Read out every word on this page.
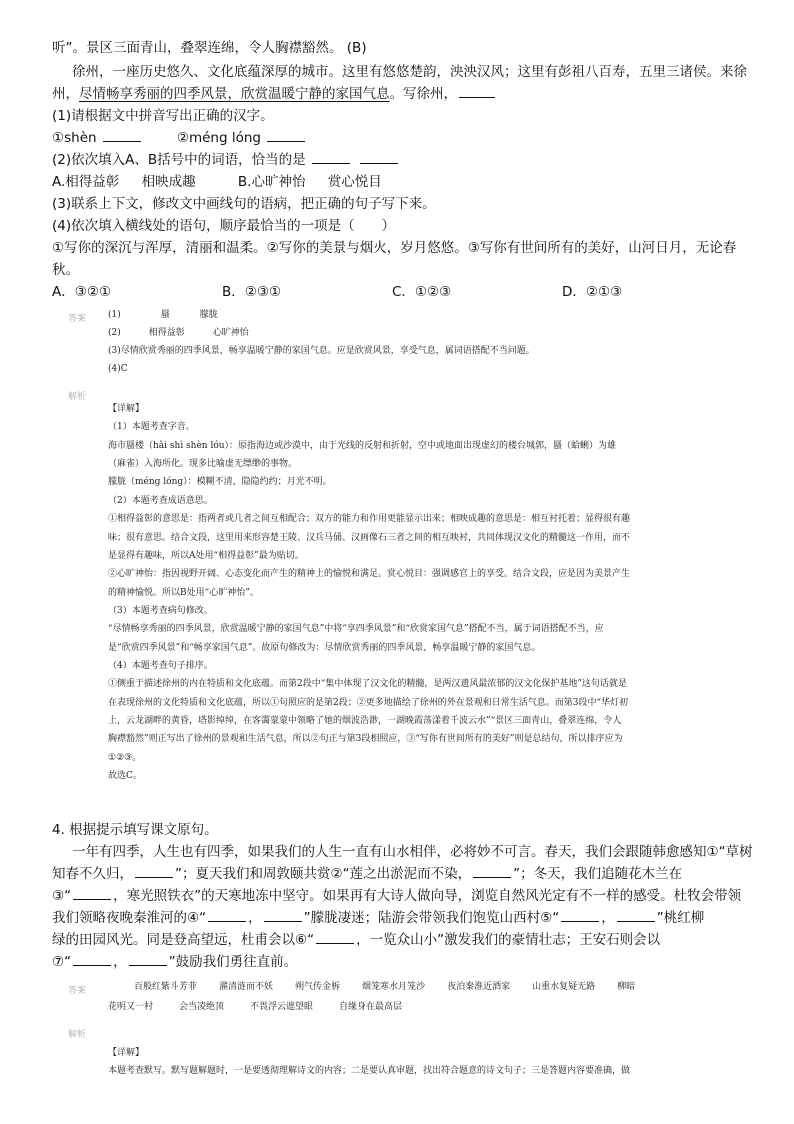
听”。景区三面青山，叠翠连绵，令人胸襟豁然。 (B)
徐州，一座历史悠久、文化底蕴深厚的城市。这里有悠悠楚韵，泱泱汉风；这里有彭祖八百寿，五里三诸侯。来徐
州，尽情畅享秀丽的四季风景，欣赏温暖宁静的家国气息。写徐州，
(1)请根据文中拼音写出正确的汉字。
①shèn	②méng lóng
(2)依次填入A、B括号中的词语，恰当的是
A.相得益彰 相映成趣	B.心旷神怡 赏心悦目
(3)联系上下文，修改文中画线句的语病，把正确的句子写下来。
(4)依次填入横线处的语句，顺序最恰当的一项是（　　）
①写你的深沉与浑厚，清丽和温柔。②写你的美景与烟火，岁月悠悠。③写你有世间所有的美好，山河日月，无论春
秋。
A．③②①	B．②③①	C．①②③	D．②①③
答案 (1)	蜃	朦胧
(2)	相得益彰	心旷神怡
(3)尽情欣赏秀丽的四季风景，畅享温暖宁静的家国气息。应是欣赏风景，享受气息，属词语搭配不当问题。
(4)C
解析
【详解】
（1）本题考查字音。
海市蜃楼（hǎi shì shèn lóu）：原指海边或沙漠中，由于光线的反射和折射，空中或地面出现虚幻的楼台城郭，蜃（蛤蜊）为雄
（麻雀）入海所化。现多比喻虚无缥缈的事物。
朦胧（méng lóng）：模糊不清，隐隐约约；月光不明。
（2）本题考查成语意思。
①相得益彰的意思是：指两者或几者之间互相配合；双方的能力和作用更能显示出来；相映成趣的意思是：相互衬托着；显得很有趣
味；很有意思。结合文段，这里用来形容楚王陵、汉兵马俑、汉画像石三者之间的相互映衬，共同体现汉文化的精髓这一作用，而不
是显得有趣味，所以A处用“相得益彰”最为贴切。
②心旷神怡：指因视野开阔、心态变化而产生的精神上的愉悦和满足。赏心悦目：强调感官上的享受。结合文段，应是因为美景产生
的精神愉悦。所以B处用“心旷神怡”。
（3）本题考查病句修改。
“尽情畅享秀丽的四季风景，欣赏温暖宁静的家国气息”中将“享四季风景”和“欣赏家国气息”搭配不当，属于词语搭配不当，应
是“欣赏四季风景”和“畅享家国气息”。故原句修改为：尽情欣赏秀丽的四季风景，畅享温暖宁静的家国气息。
（4）本题考查句子排序。
①侧重于描述徐州的内在特质和文化底蕴。而第2段中“集中体现了汉文化的精髓，是两汉遗风最浓郁的汉文化保护基地”这句话就是
在表现徐州的文化特质和文化底蕴，所以①句照应的是第2段；②更多地描绘了徐州的外在景观和日常生活气息。而第3段中“华灯初
上，云龙湖畔的黄昏，塔影绰绰，在客霭蒙蒙中领略了她的烟波浩渺，一湖晚霞荡漾着千波云水”“景区三面青山，叠翠连绵，令人
胸襟豁然”则正写出了徐州的景观和生活气息，所以②句正与第3段相照应，③“写你有世间所有的美好”则是总结句，所以排序应为
①②③。
故选C。
4. 根据提示填写课文原句。
一年有四季，人生也有四季，如果我们的人生一直有山水相伴，必将妙不可言。春天，我们会跟随韩愈感知①“草树
知春不久归，	”；夏天我们和周敦颐共赏②“莲之出淤泥而不染，	”；冬天，我们追随花木兰在
③“	，寒光照铁衣”的天寒地冻中坚守。如果再有大诗人做向导，浏览自然风光定有不一样的感受。杜牧会带领
我们领略夜晚秦淮河的④“	，	”朦胧凄迷；陆游会带领我们饱览山西村⑤“	，	”桃红柳
绿的田园风光。同是登高望远，杜甫会以⑥“	，一览众山小”激发我们的豪情壮志；王安石则会以
⑦“	，	”鼓励我们勇往直前。
答案	百般红紫斗芳菲 濯清涟而不妖 朔气传金柝 烟笼寒水月笼沙 夜泊秦淮近酒家 山重水复疑无路 柳暗
花明又一村	会当凌绝顶	不畏浮云遮望眼	自缘身在最高层
解析
【详解】
本题考查默写。默写题解题时，一是要透彻理解诗文的内容；二是要认真审题，找出符合题意的诗文句子；三是答题内容要准确，做
